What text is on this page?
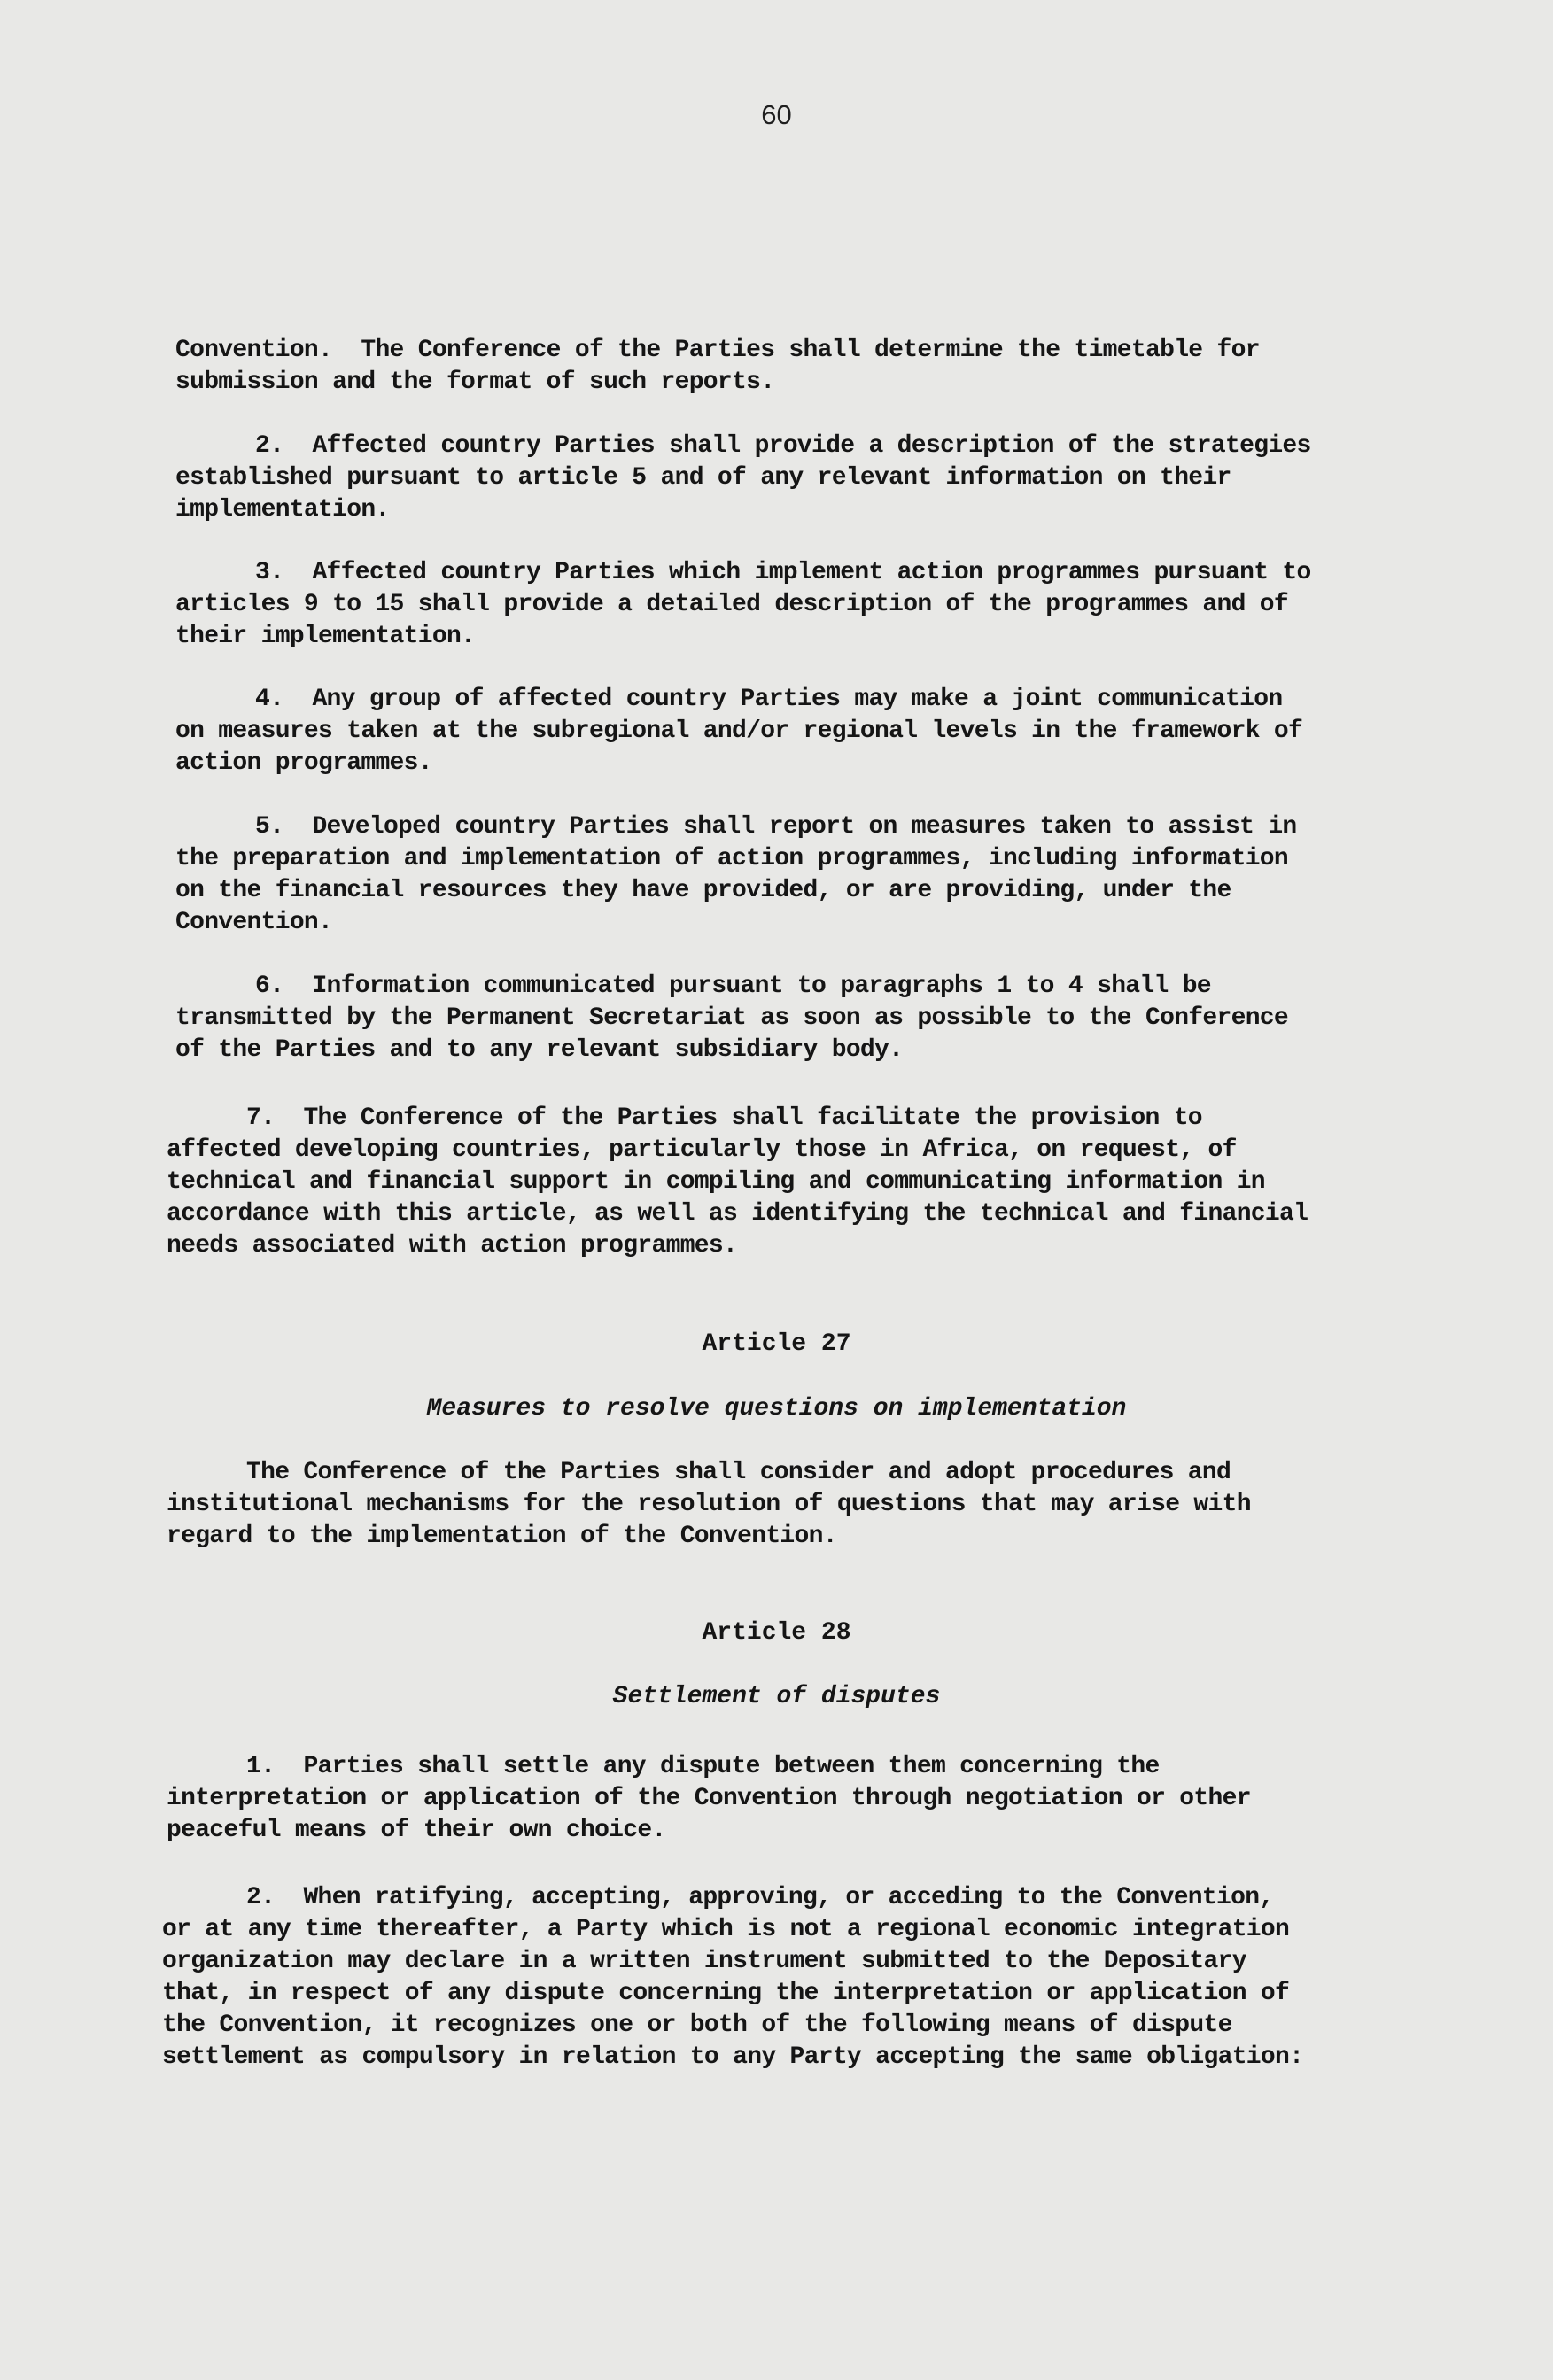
60
Convention.  The Conference of the Parties shall determine the timetable for
submission and the format of such reports.
2. Affected country Parties shall provide a description of the strategies
established pursuant to article 5 and of any relevant information on their
implementation.
3. Affected country Parties which implement action programmes pursuant to
articles 9 to 15 shall provide a detailed description of the programmes and of
their implementation.
4. Any group of affected country Parties may make a joint communication
on measures taken at the subregional and/or regional levels in the framework of
action programmes.
5. Developed country Parties shall report on measures taken to assist in
the preparation and implementation of action programmes, including information
on the financial resources they have provided, or are providing, under the
Convention.
6. Information communicated pursuant to paragraphs 1 to 4 shall be
transmitted by the Permanent Secretariat as soon as possible to the Conference
of the Parties and to any relevant subsidiary body.
7. The Conference of the Parties shall facilitate the provision to
affected developing countries, particularly those in Africa, on request, of
technical and financial support in compiling and communicating information in
accordance with this article, as well as identifying the technical and financial
needs associated with action programmes.
Article 27
Measures to resolve questions on implementation
The Conference of the Parties shall consider and adopt procedures and
institutional mechanisms for the resolution of questions that may arise with
regard to the implementation of the Convention.
Article 28
Settlement of disputes
1. Parties shall settle any dispute between them concerning the
interpretation or application of the Convention through negotiation or other
peaceful means of their own choice.
2. When ratifying, accepting, approving, or acceding to the Convention,
or at any time thereafter, a Party which is not a regional economic integration
organization may declare in a written instrument submitted to the Depositary
that, in respect of any dispute concerning the interpretation or application of
the Convention, it recognizes one or both of the following means of dispute
settlement as compulsory in relation to any Party accepting the same obligation:
